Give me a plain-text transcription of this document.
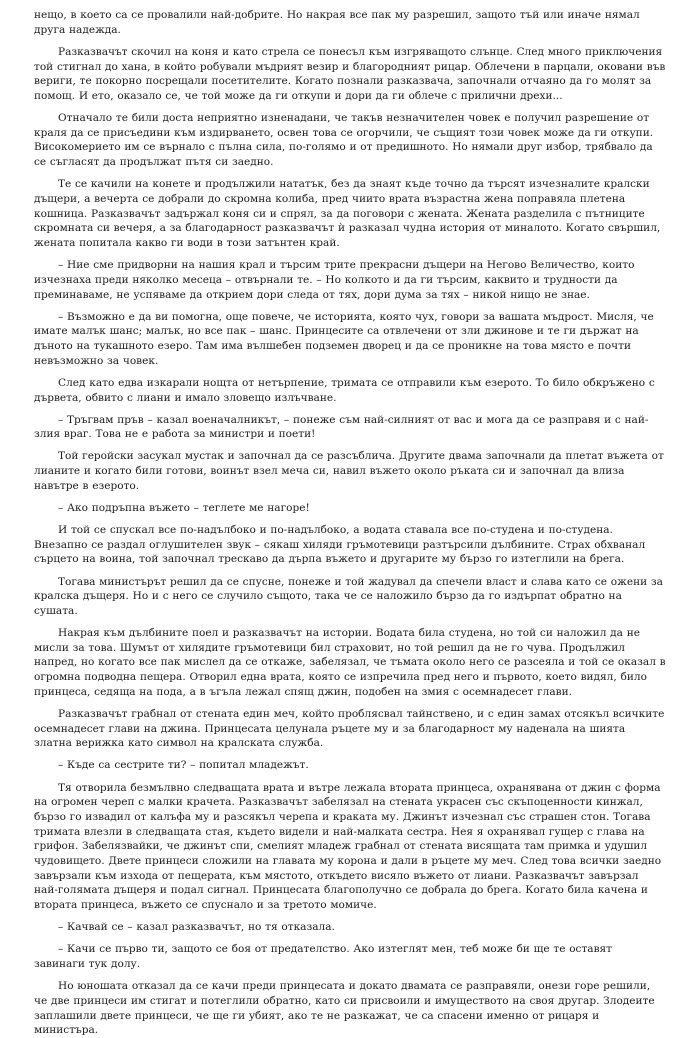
нещо, в което са се провалили най-добрите. Но накрая все пак му разрешил, защото тъй или иначе нямал друга надежда.

Разказвачът скочил на коня и като стрела се понесъл към изгряващото слънце. След много приключения той стигнал до хана, в който робували мъдрият везир и благородният рицар. Облечени в парцали, оковани във вериги, те покорно посрещали посетителите. Когато познали разказвача, започнали отчаяно да го молят за помощ. И ето, оказало се, че той може да ги откупи и дори да ги облече с прилични дрехи...

Отначало те били доста неприятно изненадани, че такъв незначителен човек е получил разрешение от краля да се присъедини към издирването, освен това се огорчили, че същият този човек може да ги откупи. Високомерието им се върнало с пълна сила, по-голямо и от предишното. Но нямали друг избор, трябвало да се съгласят да продължат пътя си заедно.

Те се качили на конете и продължили нататък, без да знаят къде точно да търсят изчезналите кралски дъщери, а вечерта се добрали до скромна колиба, пред чиито врата възрастна жена поправяла плетена кошница. Разказвачът задържал коня си и спрял, за да поговори с жената. Жената разделила с пътниците скромната си вечеря, а за благодарност разказвачът ѝ разказал чудна история от миналото. Когато свършил, жената попитала какво ги води в този затънтен край.

– Ние сме придворни на нашия крал и търсим трите прекрасни дъщери на Негово Величество, които изчезнаха преди няколко месеца – отвърнали те. – Но колкото и да ги търсим, каквито и трудности да преминаваме, не успяваме да открием дори следа от тях, дори дума за тях – никой нищо не знае.

– Възможно е да ви помогна, още повече, че историята, която чух, говори за вашата мъдрост. Мисля, че имате малък шанс; малък, но все пак – шанс. Принцесите са отвлечени от зли джинове и те ги държат на дъното на тукашното езеро. Там има вълшебен подземен дворец и да се проникне на това място е почти невъзможно за човек.

След като едва изкарали нощта от нетърпение, тримата се отправили към езерото. То било обкръжено с дървета, обвито с лиани и имало зловещо излъчване.

– Тръгвам пръв – казал военачалникът, – понеже съм най-силният от вас и мога да се разправя и с най-злия враг. Това не е работа за министри и поети!

Той геройски засукал мустак и започнал да се разсъблича. Другите двама започнали да плетат въжета от лианите и когато били готови, воинът взел меча си, навил въжето около ръката си и започнал да влиза навътре в езерото.

– Ако подръпна въжето – теглете ме нагоре!

И той се спускал все по-надълбоко и по-надълбоко, а водата ставала все по-студена и по-студена. Внезапно се раздал оглушителен звук – сякаш хиляди гръмотевици разтърсили дълбините. Страх обхванал сърцето на воина, той започнал трескаво да дърпа въжето и другарите му бързо го изтеглили на брега.

Тогава министърът решил да се спусне, понеже и той жадувал да спечели власт и слава като се ожени за кралска дъщеря. Но и с него се случило същото, така че се наложило бързо да го издърпат обратно на сушата.

Накрая към дълбините поел и разказвачът на истории. Водата била студена, но той си наложил да не мисли за това. Шумът от хилядите гръмотевици бил страховит, но той решил да не го чува. Продължил напред, но когато все пак мислел да се откаже, забелязал, че тъмата около него се разсеяла и той се оказал в огромна подводна пещера. Отворил една врата, която се изпречила пред него и първото, което видял, било принцеса, седяща на пода, а в ъгъла лежал спящ джин, подобен на змия с осемнадесет глави.

Разказвачът грабнал от стената един меч, който проблясвал тайнствено, и с един замах отсякъл всичките осемнадесет глави на джина. Принцесата целунала ръцете му и за благодарност му наденала на шията златна верижка като символ на кралската служба.

– Къде са сестрите ти? – попитал младежът.

Тя отворила безмълвно следващата врата и вътре лежала втората принцеса, охранявана от джин с форма на огромен череп с малки крачета. Разказвачът забелязал на стената украсен със скъпоценности кинжал, бързо го извадил от калъфа му и разсякъл черепа и краката му. Джинът изчезнал със страшен стон. Тогава тримата влезли в следващата стая, където видели и най-малката сестра. Нея я охранявал гущер с глава на грифон. Забелязвайки, че джинът спи, смелият младеж грабнал от стената висящата там примка и удушил чудовището. Двете принцеси сложили на главата му корона и дали в ръцете му меч. След това всички заедно завързали към изхода от пещерата, към мястото, откъдето висяло въжето от лиани. Разказвачът завързал най-голямата дъщеря и подал сигнал. Принцесата благополучно се добрала до брега. Когато била качена и втората принцеса, въжето се спуснало и за третото момиче.

– Качвай се – казал разказвачът, но тя отказала.

– Качи се първо ти, защото се боя от предателство. Ако изтеглят мен, теб може би ще те оставят завинаги тук долу.

Но юношата отказал да се качи преди принцесата и докато двамата се разправяли, онези горе решили, че две принцеси им стигат и потеглили обратно, като си присвоили и имуществото на своя другар. Злодеите заплашили двете принцеси, че ще ги убият, ако те не разкажат, че са спасени именно от рицаря и министъра.
